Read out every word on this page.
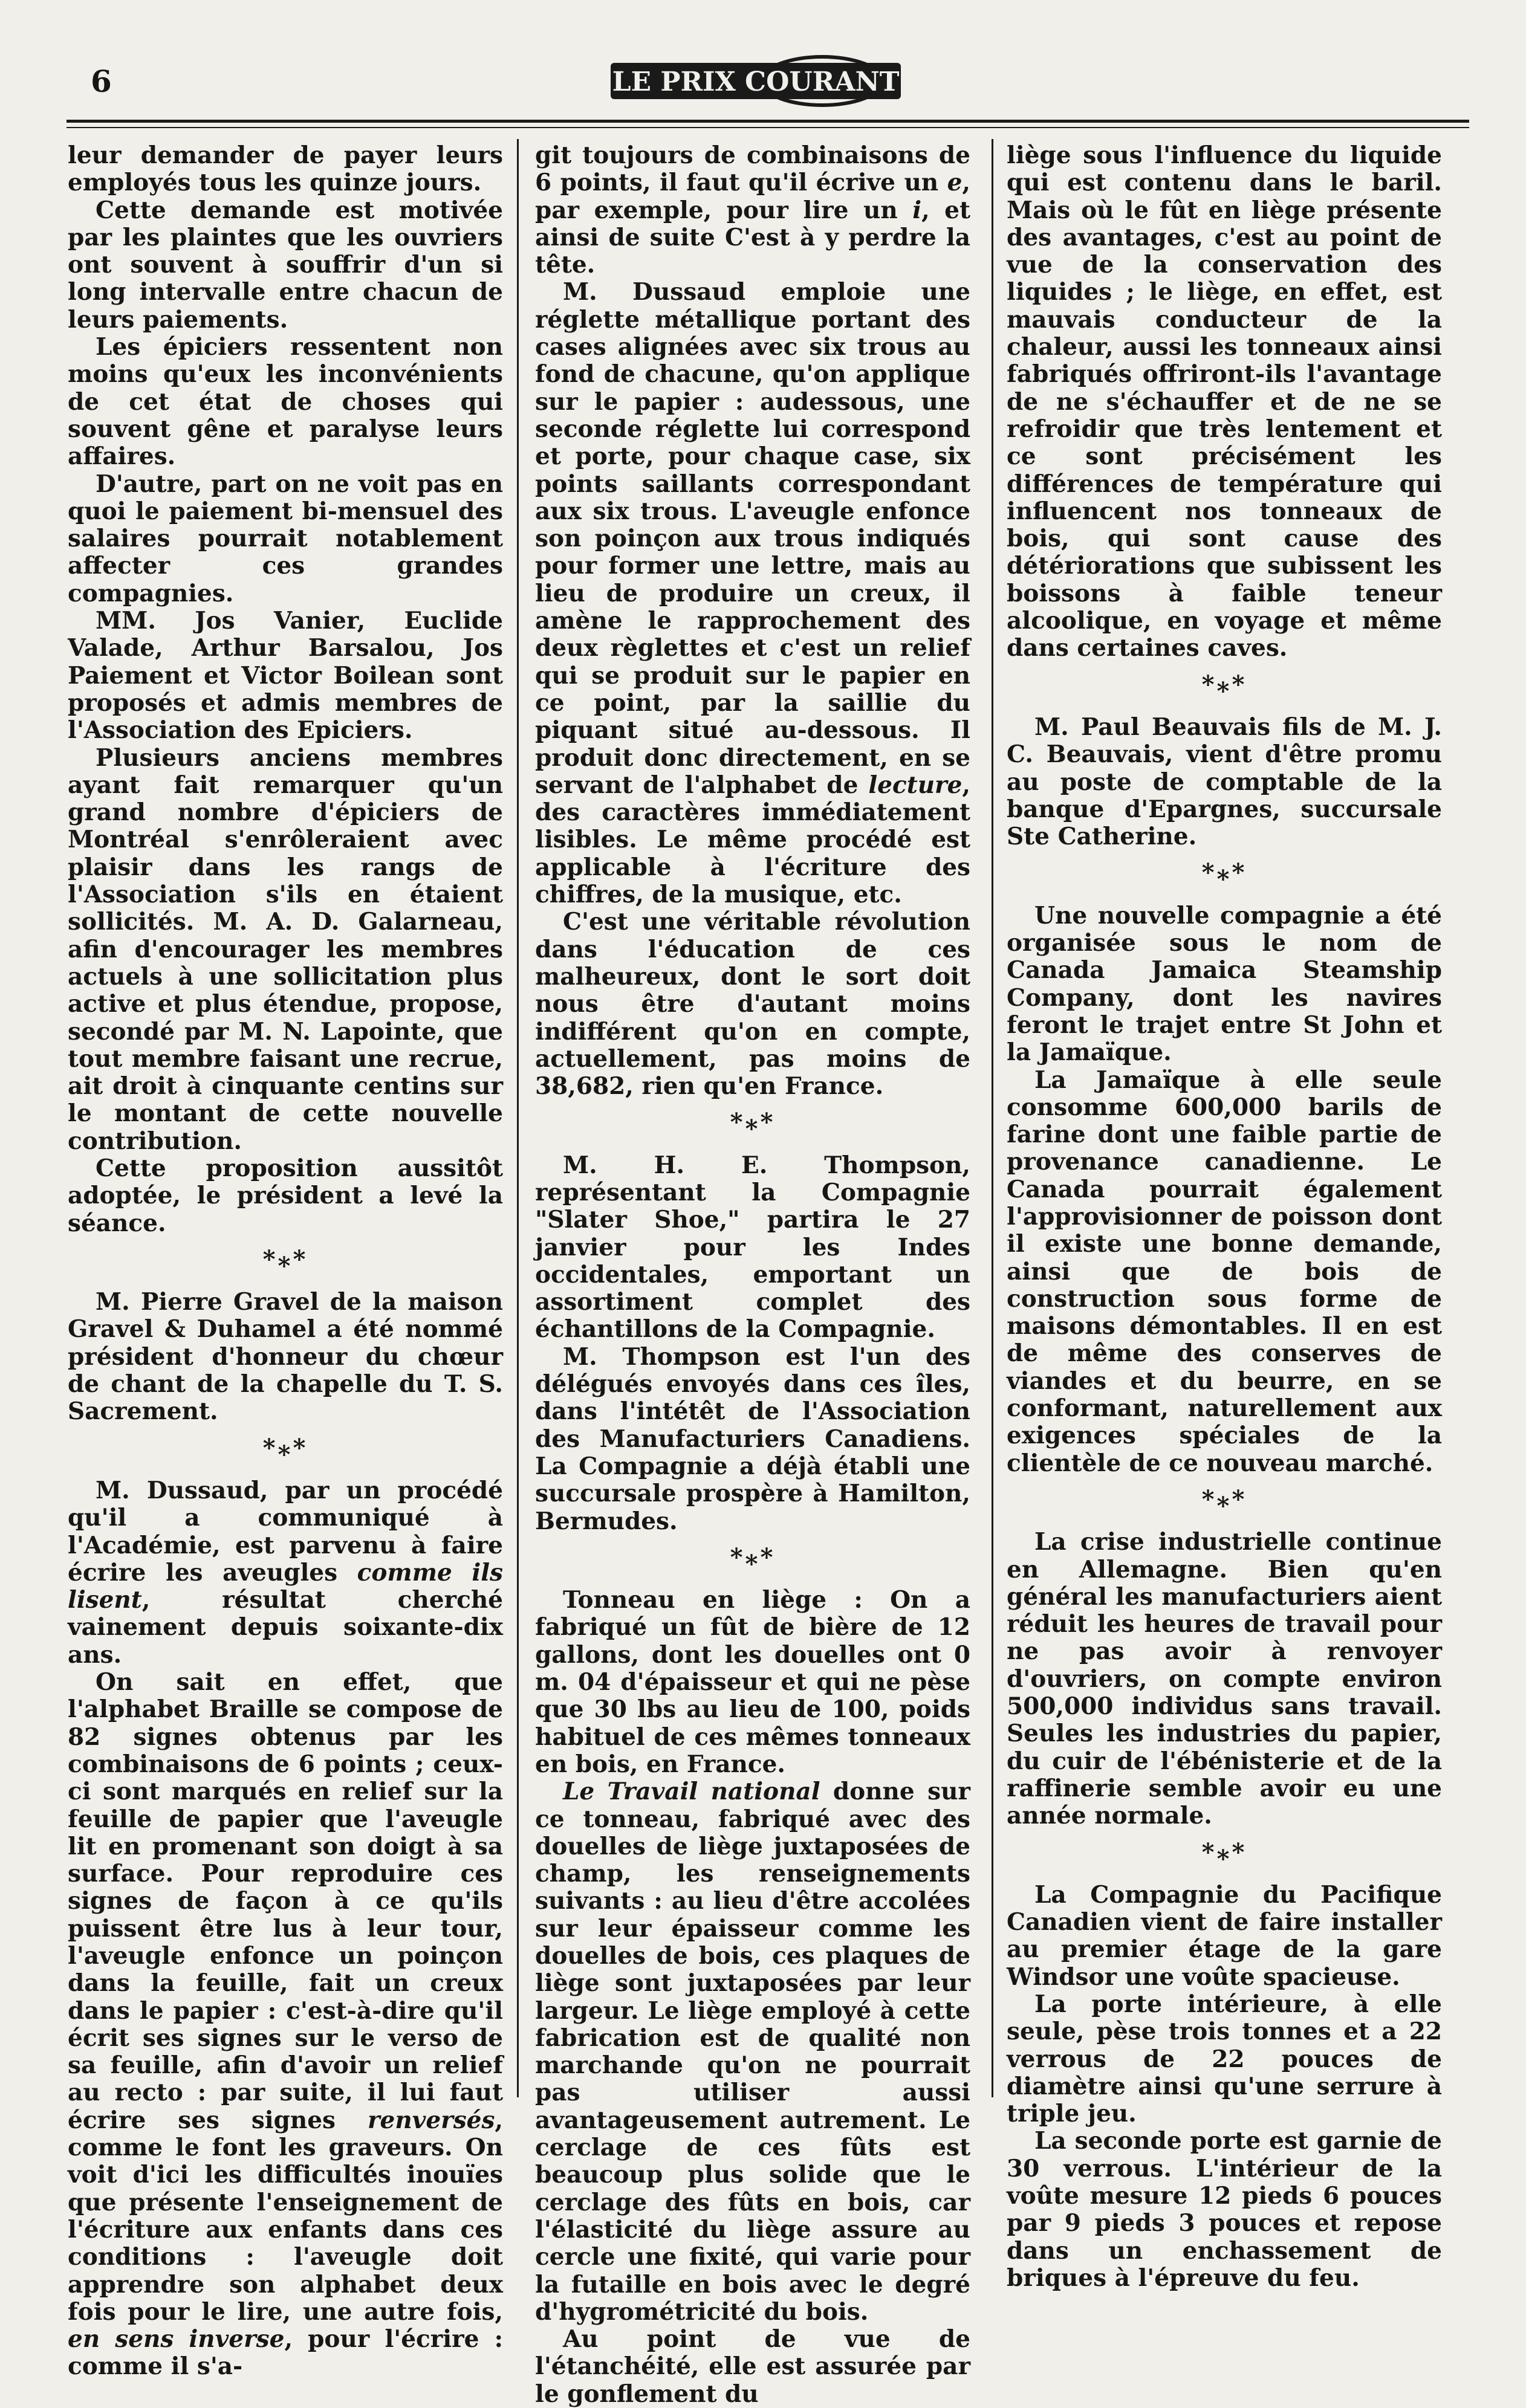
6	LE PRIX COURANT

leur demander de payer leurs employés tous les quinze jours.

Cette demande est motivée par les plaintes que les ouvriers ont souvent à souffrir d'un si long intervalle entre chacun de leurs paiements.

Les épiciers ressentent non moins qu'eux les inconvénients de cet état de choses qui souvent gêne et paralyse leurs affaires.

D'autre, part on ne voit pas en quoi le paiement bi-mensuel des salaires pourrait notablement affecter ces grandes compagnies.

MM. Jos Vanier, Euclide Valade, Arthur Barsalou, Jos Paiement et Victor Boilean sont proposés et admis membres de l'Association des Epiciers.

Plusieurs anciens membres ayant fait remarquer qu'un grand nombre d'épiciers de Montréal s'enrôleraient avec plaisir dans les rangs de l'Association s'ils en étaient sollicités. M. A. D. Galarneau, afin d'encourager les membres actuels à une sollicitation plus active et plus étendue, propose, secondé par M. N. Lapointe, que tout membre faisant une recrue, ait droit à cinquante centins sur le montant de cette nouvelle contribution.

Cette proposition aussitôt adoptée, le président a levé la séance.

*⁎*

M. Pierre Gravel de la maison Gravel & Duhamel a été nommé président d'honneur du chœur de chant de la chapelle du T. S. Sacrement.

*⁎*

M. Dussaud, par un procédé qu'il a communiqué à l'Académie, est parvenu à faire écrire les aveugles comme ils lisent, résultat cherché vainement depuis soixante-dix ans.

On sait en effet, que l'alphabet Braille se compose de 82 signes obtenus par les combinaisons de 6 points ; ceux-ci sont marqués en relief sur la feuille de papier que l'aveugle lit en promenant son doigt à sa surface. Pour reproduire ces signes de façon à ce qu'ils puissent être lus à leur tour, l'aveugle enfonce un poinçon dans la feuille, fait un creux dans le papier : c'est-à-dire qu'il écrit ses signes sur le verso de sa feuille, afin d'avoir un relief au recto : par suite, il lui faut écrire ses signes renversés, comme le font les graveurs. On voit d'ici les difficultés inouïes que présente l'enseignement de l'écriture aux enfants dans ces conditions : l'aveugle doit apprendre son alphabet deux fois pour le lire, une autre fois, en sens inverse, pour l'écrire : comme il s'a-

git toujours de combinaisons de 6 points, il faut qu'il écrive un e, par exemple, pour lire un i, et ainsi de suite C'est à y perdre la tête.

M. Dussaud emploie une réglette métallique portant des cases alignées avec six trous au fond de chacune, qu'on applique sur le papier : audessous, une seconde réglette lui correspond et porte, pour chaque case, six points saillants correspondant aux six trous. L'aveugle enfonce son poinçon aux trous indiqués pour former une lettre, mais au lieu de produire un creux, il amène le rapprochement des deux règlettes et c'est un relief qui se produit sur le papier en ce point, par la saillie du piquant situé au-dessous. Il produit donc directement, en se servant de l'alphabet de lecture, des caractères immédiatement lisibles. Le même procédé est applicable à l'écriture des chiffres, de la musique, etc.

C'est une véritable révolution dans l'éducation de ces malheureux, dont le sort doit nous être d'autant moins indifférent qu'on en compte, actuellement, pas moins de 38,682, rien qu'en France.

*⁎*

M. H. E. Thompson, représentant la Compagnie "Slater Shoe," partira le 27 janvier pour les Indes occidentales, emportant un assortiment complet des échantillons de la Compagnie.

M. Thompson est l'un des délégués envoyés dans ces îles, dans l'intétêt de l'Association des Manufacturiers Canadiens. La Compagnie a déjà établi une succursale prospère à Hamilton, Bermudes.

*⁎*

Tonneau en liège : On a fabriqué un fût de bière de 12 gallons, dont les douelles ont 0 m. 04 d'épaisseur et qui ne pèse que 30 lbs au lieu de 100, poids habituel de ces mêmes tonneaux en bois, en France.

Le Travail national donne sur ce tonneau, fabriqué avec des douelles de liège juxtaposées de champ, les renseignements suivants : au lieu d'être accolées sur leur épaisseur comme les douelles de bois, ces plaques de liège sont juxtaposées par leur largeur. Le liège employé à cette fabrication est de qualité non marchande qu'on ne pourrait pas utiliser aussi avantageusement autrement. Le cerclage de ces fûts est beaucoup plus solide que le cerclage des fûts en bois, car l'élasticité du liège assure au cercle une fixité, qui varie pour la futaille en bois avec le degré d'hygrométricité du bois.

Au point de vue de l'étanchéité, elle est assurée par le gonflement du

liège sous l'influence du liquide qui est contenu dans le baril. Mais où le fût en liège présente des avantages, c'est au point de vue de la conservation des liquides ; le liège, en effet, est mauvais conducteur de la chaleur, aussi les tonneaux ainsi fabriqués offriront-ils l'avantage de ne s'échauffer et de ne se refroidir que très lentement et ce sont précisément les différences de température qui influencent nos tonneaux de bois, qui sont cause des détériorations que subissent les boissons à faible teneur alcoolique, en voyage et même dans certaines caves.

*⁎*

M. Paul Beauvais fils de M. J. C. Beauvais, vient d'être promu au poste de comptable de la banque d'Epargnes, succursale Ste Catherine.

*⁎*

Une nouvelle compagnie a été organisée sous le nom de Canada Jamaica Steamship Company, dont les navires feront le trajet entre St John et la Jamaïque.

La Jamaïque à elle seule consomme 600,000 barils de farine dont une faible partie de provenance canadienne. Le Canada pourrait également l'approvisionner de poisson dont il existe une bonne demande, ainsi que de bois de construction sous forme de maisons démontables. Il en est de même des conserves de viandes et du beurre, en se conformant, naturellement aux exigences spéciales de la clientèle de ce nouveau marché.

*⁎*

La crise industrielle continue en Allemagne. Bien qu'en général les manufacturiers aient réduit les heures de travail pour ne pas avoir à renvoyer d'ouvriers, on compte environ 500,000 individus sans travail. Seules les industries du papier, du cuir de l'ébénisterie et de la raffinerie semble avoir eu une année normale.

*⁎*

La Compagnie du Pacifique Canadien vient de faire installer au premier étage de la gare Windsor une voûte spacieuse.

La porte intérieure, à elle seule, pèse trois tonnes et a 22 verrous de 22 pouces de diamètre ainsi qu'une serrure à triple jeu.

La seconde porte est garnie de 30 verrous. L'intérieur de la voûte mesure 12 pieds 6 pouces par 9 pieds 3 pouces et repose dans un enchassement de briques à l'épreuve du feu.
